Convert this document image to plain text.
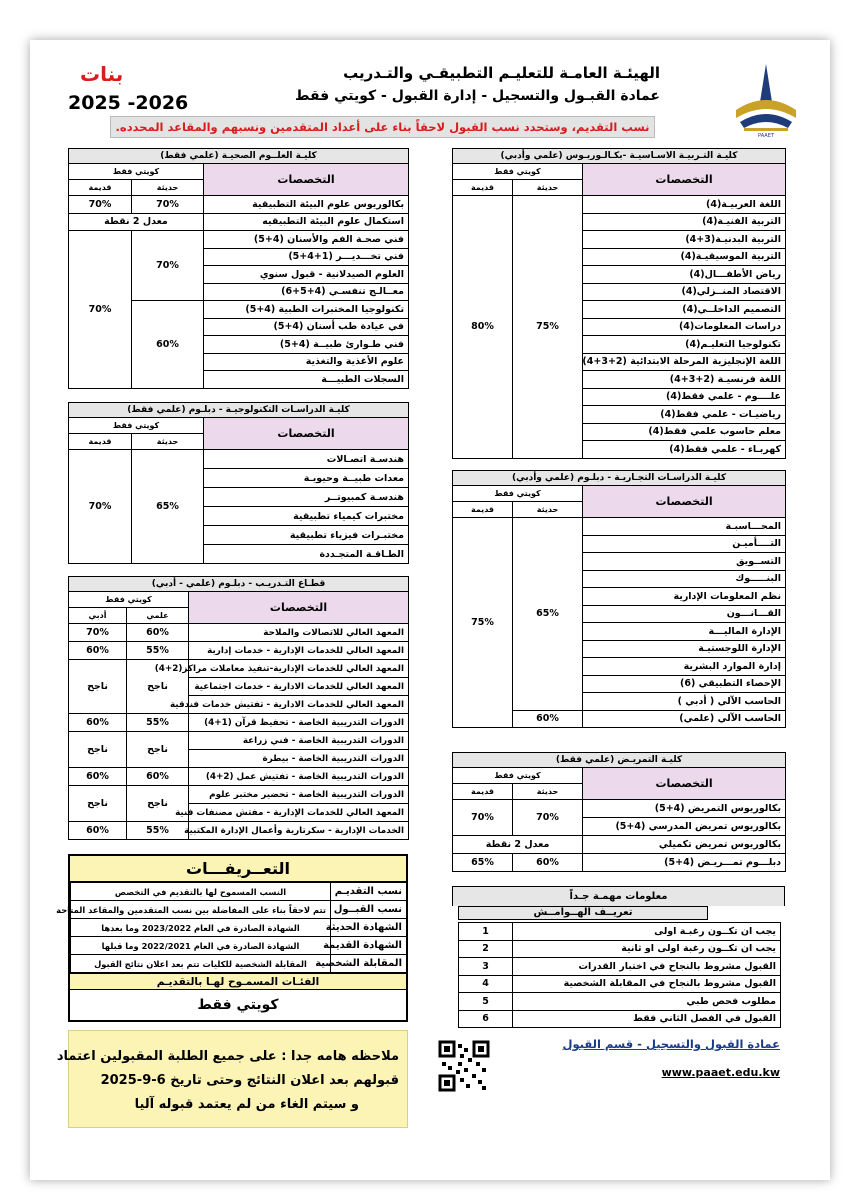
PAAET
بنات
2025 -2026
الهيئـة العامـة للتعليـم التطبيقـي والتـدريب
عمادة القبـول والتسجيل - إدارة القبول - كويتي فقط
نسب التقديم، وستحدد نسب القبول لاحقاً بناء على أعداد المتقدمين ونسبهم والمقاعد المحدده.
كليـة التـربيـة الاسـاسيـة -بكـالـوريـوس (علمي وأدبي)		
التخصصات	كويتي فقط	
	حديثة	قديمة
اللغة العربيـة(4)	75%	80%
التربية الفنيـة(4)		
التربية البدنيـة(3+4)		
التربية الموسيقيـة(4)		
رياض الأطفـــال(4)		
الاقتصاد المنــزلي(4)		
التصميم الداخلــي(4)		
دراسات المعلومات(4)		
تكنولوجيا التعليـم(4)		
اللغة الإنجليزية المرحلة الابتدائية (2+3+4)		
اللغة فرنسيـة (2+3+4)		
علــــوم - علمي فقط(4)		
رياضيـات - علمي فقط(4)		
معلم حاسوب علمي فقط(4)		
كهربـاء - علمي فقط(4)		
كليـة العلــوم الصحيـة (علمي فقط)		
التخصصات	كويتي فقط	
	حديثة	قديمة
بكالوريوس علوم البيئة التطبيقية	70%	70%
استكمال علوم البيئة التطبيقيه	معدل 2 نقطة	
فني صحـة الفم والأسنان (4+5)	70%	70%
فني تخـــديـــر (1+4+5)		
العلوم الصيدلانية - قبول سنوي		
معــالـج تنفسـي (4+5+6)		
تكنولوجيا المختبرات الطبية (4+5)	60%	
في عيادة طب أسنان (4+5)		
فني طـوارئ طبيــة (4+5)		
علوم الأغذية والتغذية		
السجلات الطبيـــة		
كليـة الدراسـات التكنولوجيـة - دبلـوم (علمي فقط)		
التخصصات	كويتي فقط	
	حديثة	قديمة
هندسـة اتصـالات	65%	70%
معدات طبيــة وحيويـة		
هندسـة كمبيوتــر		
مختبرات كيمياء تطبيقية		
مختبـرات فيزياء تطبيقية		
الطـاقـة المتجـددة		
كليـة الدراسـات التجـاريـة - دبلـوم (علمي وأدبي)		
التخصصات	كويتي فقط	
	حديثة	قديمة
المحـــاسبـة	65%	75%
التــــأميـن		
التســويق		
البنـــــوك		
نظم المعلومات الإدارية		
القـــانـــون		
الإدارة الماليـــة		
الإدارة اللوجستيـة		
إدارة الموارد البشرية		
الإحصاء التطبيقي (6)		
الحاسب الآلي ( أدبي )		
الحاسب الآلي (علمي)	60%	
قطـاع التـدريـب - دبلـوم (علمي - أدبي)		
التخصصات	كويتي فقط	
	علمي	أدبي
المعهد العالي للاتصالات والملاحة	60%	70%
المعهد العالي للخدمات الإدارية - خدمات إدارية	55%	60%
المعهد العالي للخدمات الإدارية-تنفيذ معاملات مراكز(2+4)	ناجح	ناجح
المعهد العالي للخدمات الادارية - خدمات اجتماعية		
المعهد العالي للخدمات الادارية - تفتيش خدمات فندقية		
الدورات التدريبية الخاصة - تحفيظ قرآن (1+4)	55%	60%
الدورات التدريبية الخاصة - فني زراعة	ناجح	ناجح
الدورات التدريبية الخاصة - بيطرة		
الدورات التدريبية الخاصة - تفتيش عمل (2+4)	60%	60%
الدورات التدريبية الخاصة - تحضير مختبر علوم	ناجح	ناجح
المعهد العالي للخدمات الإدارية - مفتش مصنفات فنية		
الخدمات الإدارية - سكرتارية وأعمال الإدارة المكتبية	55%	60%
كليـة التمريـض (علمي فقط)		
التخصصات	كويتي فقط	
	حديثة	قديمة
بكالوريوس التمريض (4+5)	70%	70%
بكالوريوس تمريض المدرسي (4+5)		
بكالوريوس تمريض تكميلي	معدل 2 نقطة	
دبلـــوم تمـــريـض (4+5)	60%	65%
التعــريفـــات
نسب التقديـم	النسب المسموح لها بالتقديم في التخصص
نسب القبــول	تتم لاحقاً بناء على المفاضلة بين نسب المتقدمين والمقاعد المتاحة
الشهادة الحديثة	الشهادة الصادرة في العام 2023/2022 وما بعدها
الشهادة القديمة	الشهادة الصادرة في العام 2022/2021 وما قبلها
المقابلة الشخصية	المقابلة الشخصية للكليات تتم بعد اعلان نتائج القبول
الفئـات المسمـوح لهـا بالتقديـم
كويتي فقط
معلومات مهمـة جـداً
تعريــف الهــوامــش
يجب ان تكــون رغبـة اولى	1
يجب ان تكــون رغبة اولى او ثانية	2
القبول مشروط بالنجاح في اختبار القدرات	3
القبول مشروط بالنجاح في المقابلة الشخصية	4
مطلوب فحص طبي	5
القبول في الفصل الثاني فقط	6
ملاحظه هامه جدا : على جميع الطلبة المقبولين اعتماد
قبولهم بعد اعلان النتائج وحتى تاريخ 6-9-2025
و سيتم الغاء من لم يعتمد قبوله آليا
عمادة القبول والتسجيل - قسم القبول
www.paaet.edu.kw
